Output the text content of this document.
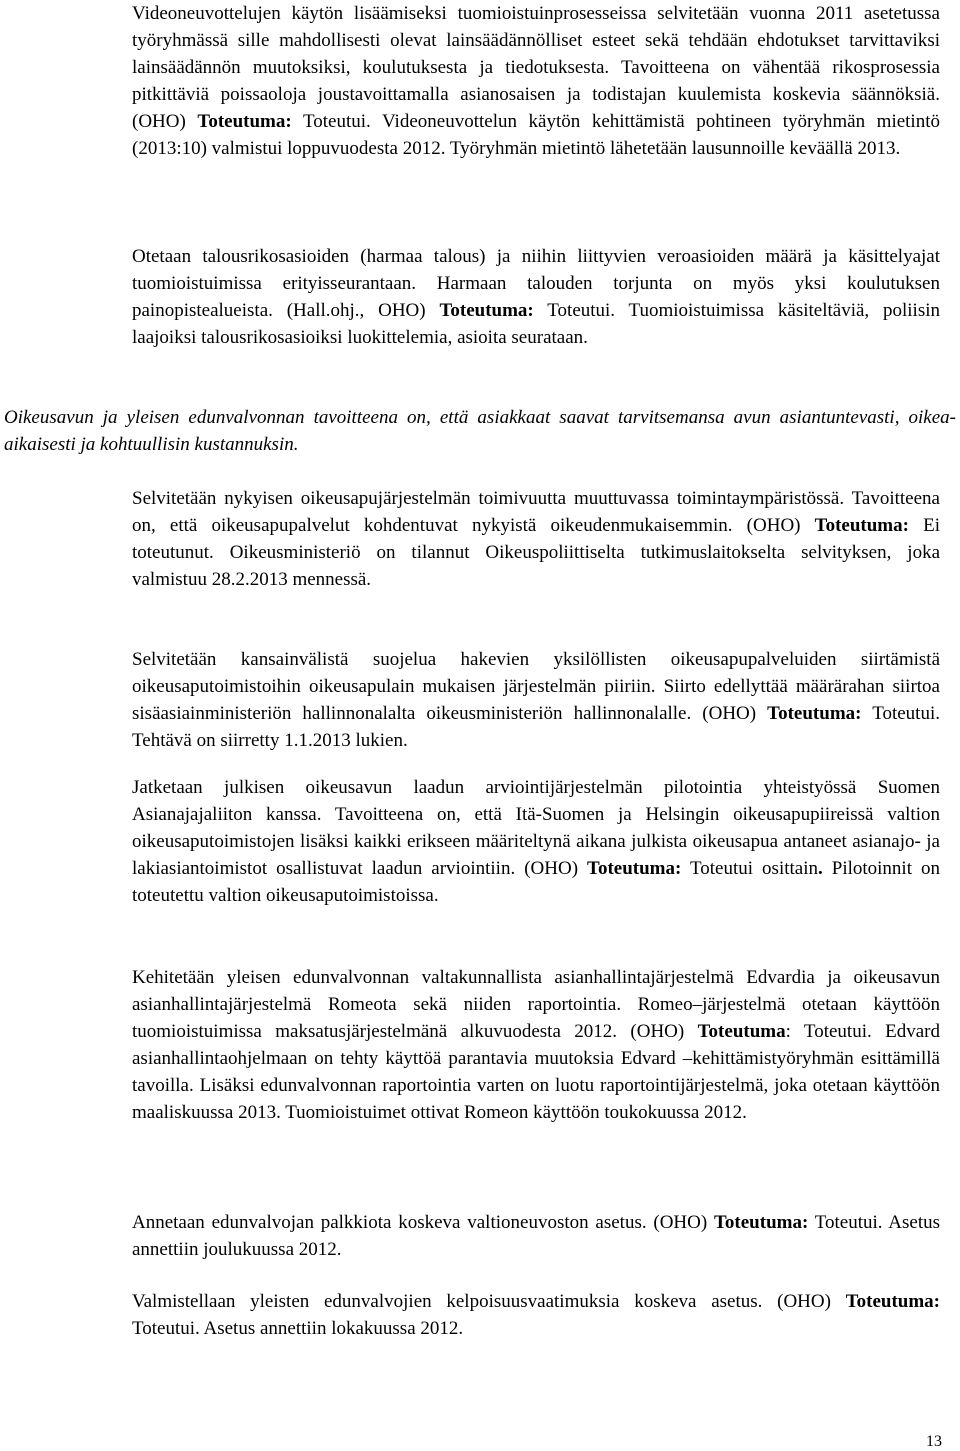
Videoneuvottelujen käytön lisäämiseksi tuomioistuinprosesseissa selvitetään vuonna 2011 asetetussa työryhmässä sille mahdollisesti olevat lainsäädännölliset esteet sekä tehdään ehdotukset tarvittaviksi lainsäädännön muutoksiksi, koulutuksesta ja tiedotuksesta. Tavoitteena on vähentää rikosprosessia pitkittäviä poissaoloja joustavoittamalla asianosaisen ja todistajan kuulemista koskevia säännöksiä. (OHO) Toteutuma: Toteutui. Videoneuvottelun käytön kehittämistä pohtineen työryhmän mietintö (2013:10) valmistui loppuvuodesta 2012. Työryhmän mietintö lähetetään lausunnoille keväällä 2013.

Otetaan talousrikosasioiden (harmaa talous) ja niihin liittyvien veroasioiden määrä ja käsittelyajat tuomioistuimissa erityisseurantaan. Harmaan talouden torjunta on myös yksi koulutuksen painopistealueista. (Hall.ohj., OHO) Toteutuma: Toteutui. Tuomioistuimissa käsiteltäviä, poliisin laajoiksi talousrikosasioiksi luokittelemia, asioita seurataan.

Oikeusavun ja yleisen edunvalvonnan tavoitteena on, että asiakkaat saavat tarvitsemansa avun asiantuntevasti, oikea-aikaisesti ja kohtuullisin kustannuksin.

Selvitetään nykyisen oikeusapujärjestelmän toimivuutta muuttuvassa toimintaympäristössä. Tavoitteena on, että oikeusapupalvelut kohdentuvat nykyistä oikeudenmukaisemmin. (OHO) Toteutuma: Ei toteutunut. Oikeusministeriö on tilannut Oikeuspoliittiselta tutkimuslaitokselta selvityksen, joka valmistuu 28.2.2013 mennessä.

Selvitetään kansainvälistä suojelua hakevien yksilöllisten oikeusapupalveluiden siirtämistä oikeusaputoimistoihin oikeusapulain mukaisen järjestelmän piiriin. Siirto edellyttää määrärahan siirtoa sisäasiainministeriön hallinnonalalta oikeusministeriön hallinnonalalle. (OHO) Toteutuma: Toteutui. Tehtävä on siirretty 1.1.2013 lukien.

Jatketaan julkisen oikeusavun laadun arviointijärjestelmän pilotointia yhteistyössä Suomen Asianajajaliiton kanssa. Tavoitteena on, että Itä-Suomen ja Helsingin oikeusapupiireissä valtion oikeusaputoimistojen lisäksi kaikki erikseen määriteltynä aikana julkista oikeusapua antaneet asianajo- ja lakiasiantoimistot osallistuvat laadun arviointiin. (OHO) Toteutuma: Toteutui osittain. Pilotoinnit on toteutettu valtion oikeusaputoimistoissa.

Kehitetään yleisen edunvalvonnan valtakunnallista asianhallintajärjestelmä Edvardia ja oikeusavun asianhallintajärjestelmä Romeota sekä niiden raportointia. Romeo–järjestelmä otetaan käyttöön tuomioistuimissa maksatusjärjestelmänä alkuvuodesta 2012. (OHO) Toteutuma: Toteutui. Edvard asianhallintaohjelmaan on tehty käyttöä parantavia muutoksia Edvard –kehittämistyöryhmän esittämillä tavoilla. Lisäksi edunvalvonnan raportointia varten on luotu raportointijärjestelmä, joka otetaan käyttöön maaliskuussa 2013. Tuomioistuimet ottivat Romeon käyttöön toukokuussa 2012.

Annetaan edunvalvojan palkkiota koskeva valtioneuvoston asetus. (OHO) Toteutuma: Toteutui. Asetus annettiin joulukuussa 2012.

Valmistellaan yleisten edunvalvojien kelpoisuusvaatimuksia koskeva asetus. (OHO) Toteutuma: Toteutui. Asetus annettiin lokakuussa 2012.

13
